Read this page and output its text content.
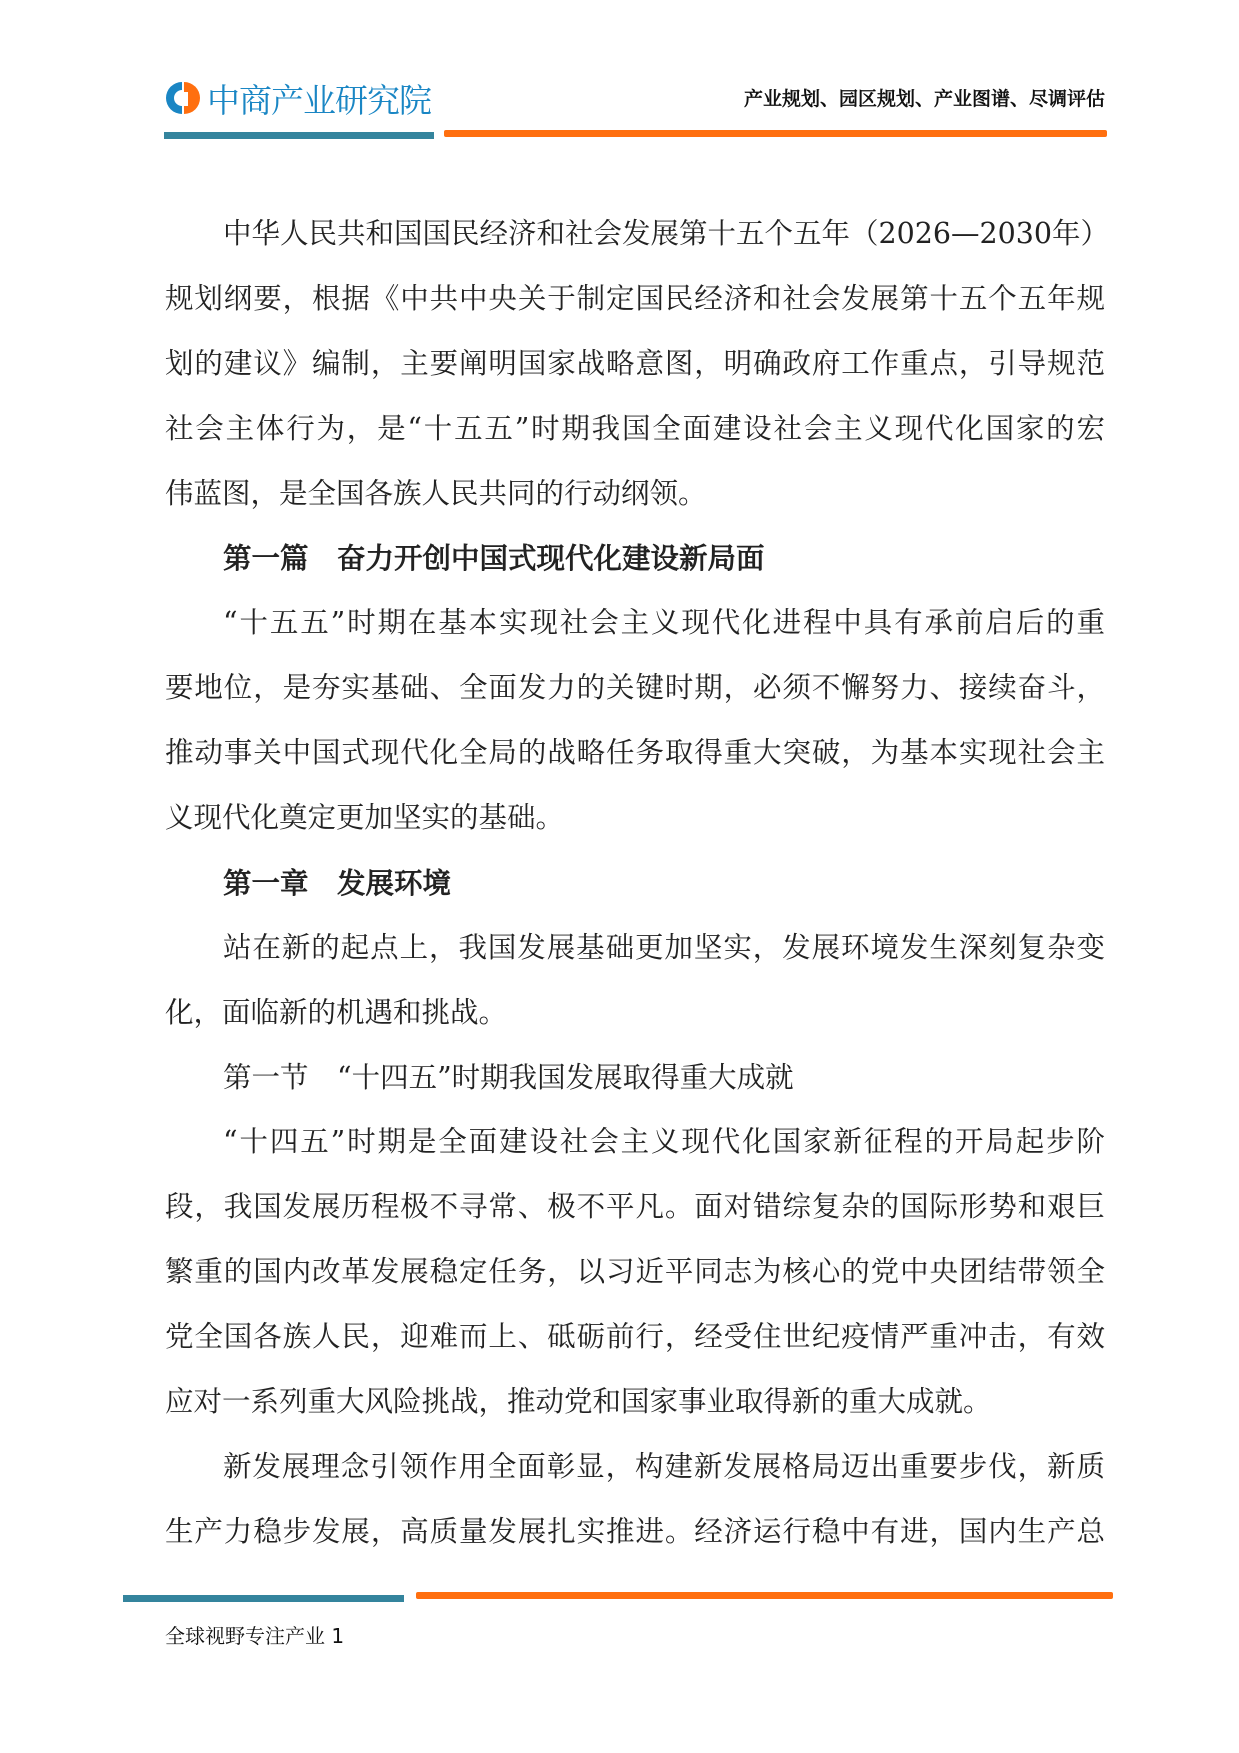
中商产业研究院	产业规划、园区规划、产业图谱、尽调评估
中华人民共和国国民经济和社会发展第十五个五年（2026—2030年）
规划纲要，根据《中共中央关于制定国民经济和社会发展第十五个五年规
划的建议》编制，主要阐明国家战略意图，明确政府工作重点，引导规范
社会主体行为，是“十五五”时期我国全面建设社会主义现代化国家的宏
伟蓝图，是全国各族人民共同的行动纲领。
第一篇　奋力开创中国式现代化建设新局面
“十五五”时期在基本实现社会主义现代化进程中具有承前启后的重
要地位，是夯实基础、全面发力的关键时期，必须不懈努力、接续奋斗，
推动事关中国式现代化全局的战略任务取得重大突破，为基本实现社会主
义现代化奠定更加坚实的基础。
第一章　发展环境
站在新的起点上，我国发展基础更加坚实，发展环境发生深刻复杂变
化，面临新的机遇和挑战。
第一节　“十四五”时期我国发展取得重大成就
“十四五”时期是全面建设社会主义现代化国家新征程的开局起步阶
段，我国发展历程极不寻常、极不平凡。面对错综复杂的国际形势和艰巨
繁重的国内改革发展稳定任务，以习近平同志为核心的党中央团结带领全
党全国各族人民，迎难而上、砥砺前行，经受住世纪疫情严重冲击，有效
应对一系列重大风险挑战，推动党和国家事业取得新的重大成就。
新发展理念引领作用全面彰显，构建新发展格局迈出重要步伐，新质
生产力稳步发展，高质量发展扎实推进。经济运行稳中有进，国内生产总
全球视野专注产业 1
